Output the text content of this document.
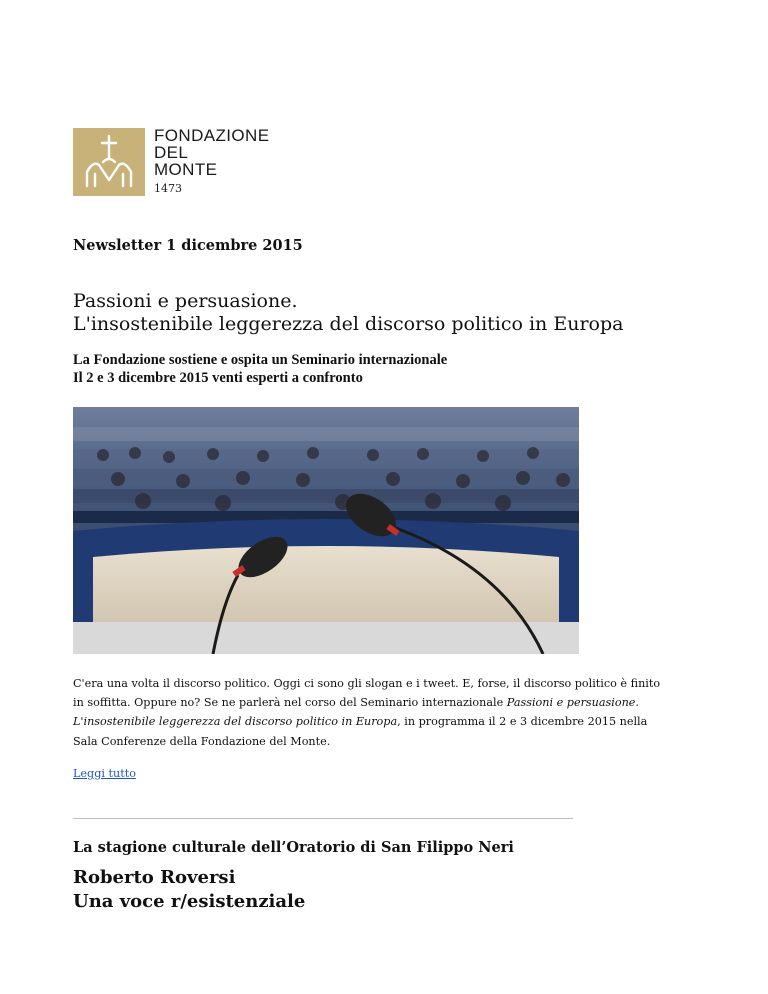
FONDAZIONE
DEL
MONTE
1473
Newsletter 1 dicembre 2015
Passioni e persuasione.
L'insostenibile leggerezza del discorso politico in Europa
La Fondazione sostiene e ospita un Seminario internazionale
Il 2 e 3 dicembre 2015 venti esperti a confronto
C'era una volta il discorso politico. Oggi ci sono gli slogan e i tweet. E, forse, il discorso politico è finito in soffitta. Oppure no? Se ne parlerà nel corso del Seminario internazionale Passioni e persuasione. L'insostenibile leggerezza del discorso politico in Europa, in programma il 2 e 3 dicembre 2015 nella Sala Conferenze della Fondazione del Monte.
Leggi tutto
La stagione culturale dell’Oratorio di San Filippo Neri
Roberto Roversi
Una voce r/esistenziale
